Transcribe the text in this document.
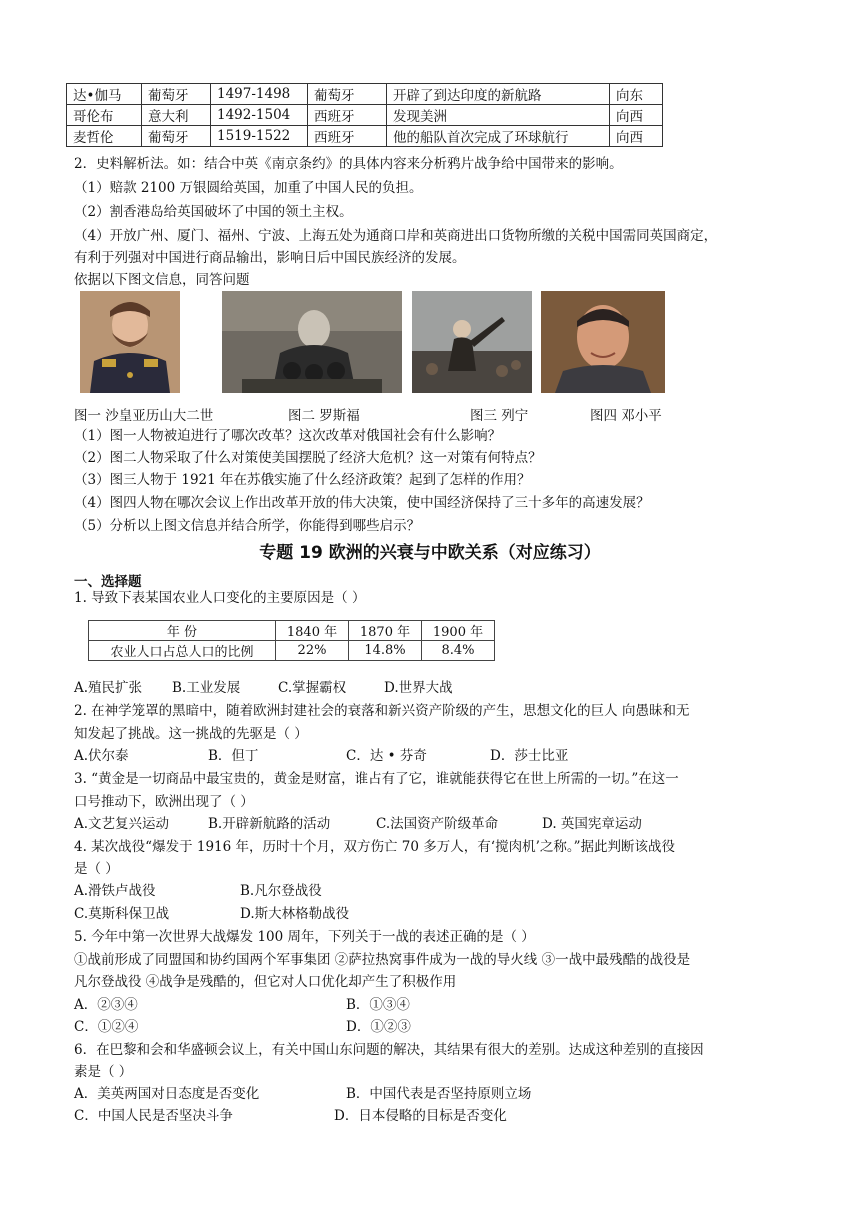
达•伽马	葡萄牙	1497-1498	葡萄牙	开辟了到达印度的新航路	向东
哥伦布	意大利	1492-1504	西班牙	发现美洲	向西
麦哲伦	葡萄牙	1519-1522	西班牙	他的船队首次完成了环球航行	向西
2．史料解析法。如：结合中英《南京条约》的具体内容来分析鸦片战争给中国带来的影响。
（1）赔款 2100 万银圆给英国，加重了中国人民的负担。
（2）割香港岛给英国破坏了中国的领土主权。
（4）开放广州、厦门、福州、宁波、上海五处为通商口岸和英商进出口货物所缴的关税中国需同英国商定，
有利于列强对中国进行商品输出，影响日后中国民族经济的发展。
依据以下图文信息，同答问题
图一 沙皇亚历山大二世	图二 罗斯福	图三 列宁	图四 邓小平
（1）图一人物被迫进行了哪次改革？这次改革对俄国社会有什么影响？
（2）图二人物采取了什么对策使美国摆脱了经济大危机？这一对策有何特点？
（3）图三人物于 1921 年在苏俄实施了什么经济政策？起到了怎样的作用？
（4）图四人物在哪次会议上作出改革开放的伟大决策，使中国经济保持了三十多年的高速发展？
（5）分析以上图文信息并结合所学，你能得到哪些启示？
专题 19 欧洲的兴衰与中欧关系（对应练习）
一、选择题
1. 导致下表某国农业人口变化的主要原因是（ ）
年 份	1840 年	1870 年	1900 年
农业人口占总人口的比例	22%	14.8%	8.4%
A.殖民扩张 B.工业发展	C.掌握霸权	D.世界大战
2. 在神学笼罩的黑暗中，随着欧洲封建社会的衰落和新兴资产阶级的产生，思想文化的巨人 向愚昧和无
知发起了挑战。这一挑战的先驱是（ ）
A.伏尔泰	B．但丁	C．达 • 芬奇	D．莎士比亚
3. “黄金是一切商品中最宝贵的，黄金是财富，谁占有了它，谁就能获得它在世上所需的一切。”在这一
口号推动下，欧洲出现了（ ）
A.文艺复兴运动	B.开辟新航路的活动	C.法国资产阶级革命	D. 英国宪章运动
4. 某次战役“爆发于 1916 年，历时十个月，双方伤亡 70 多万人，有‘搅肉机’之称。”据此判断该战役
是（ ）
A.滑铁卢战役	B.凡尔登战役
C.莫斯科保卫战	D.斯大林格勒战役
5. 今年中第一次世界大战爆发 100 周年，下列关于一战的表述正确的是（ ）
①战前形成了同盟国和协约国两个军事集团 ②萨拉热窝事件成为一战的导火线 ③一战中最残酷的战役是
凡尔登战役 ④战争是残酷的，但它对人口优化却产生了积极作用
A．②③④	B．①③④
C．①②④	D．①②③
6．在巴黎和会和华盛顿会议上，有关中国山东问题的解决，其结果有很大的差别。达成这种差别的直接因
素是（ ）
A．美英两国对日态度是否变化	B．中国代表是否坚持原则立场
C．中国人民是否坚决斗争	D．日本侵略的目标是否变化
